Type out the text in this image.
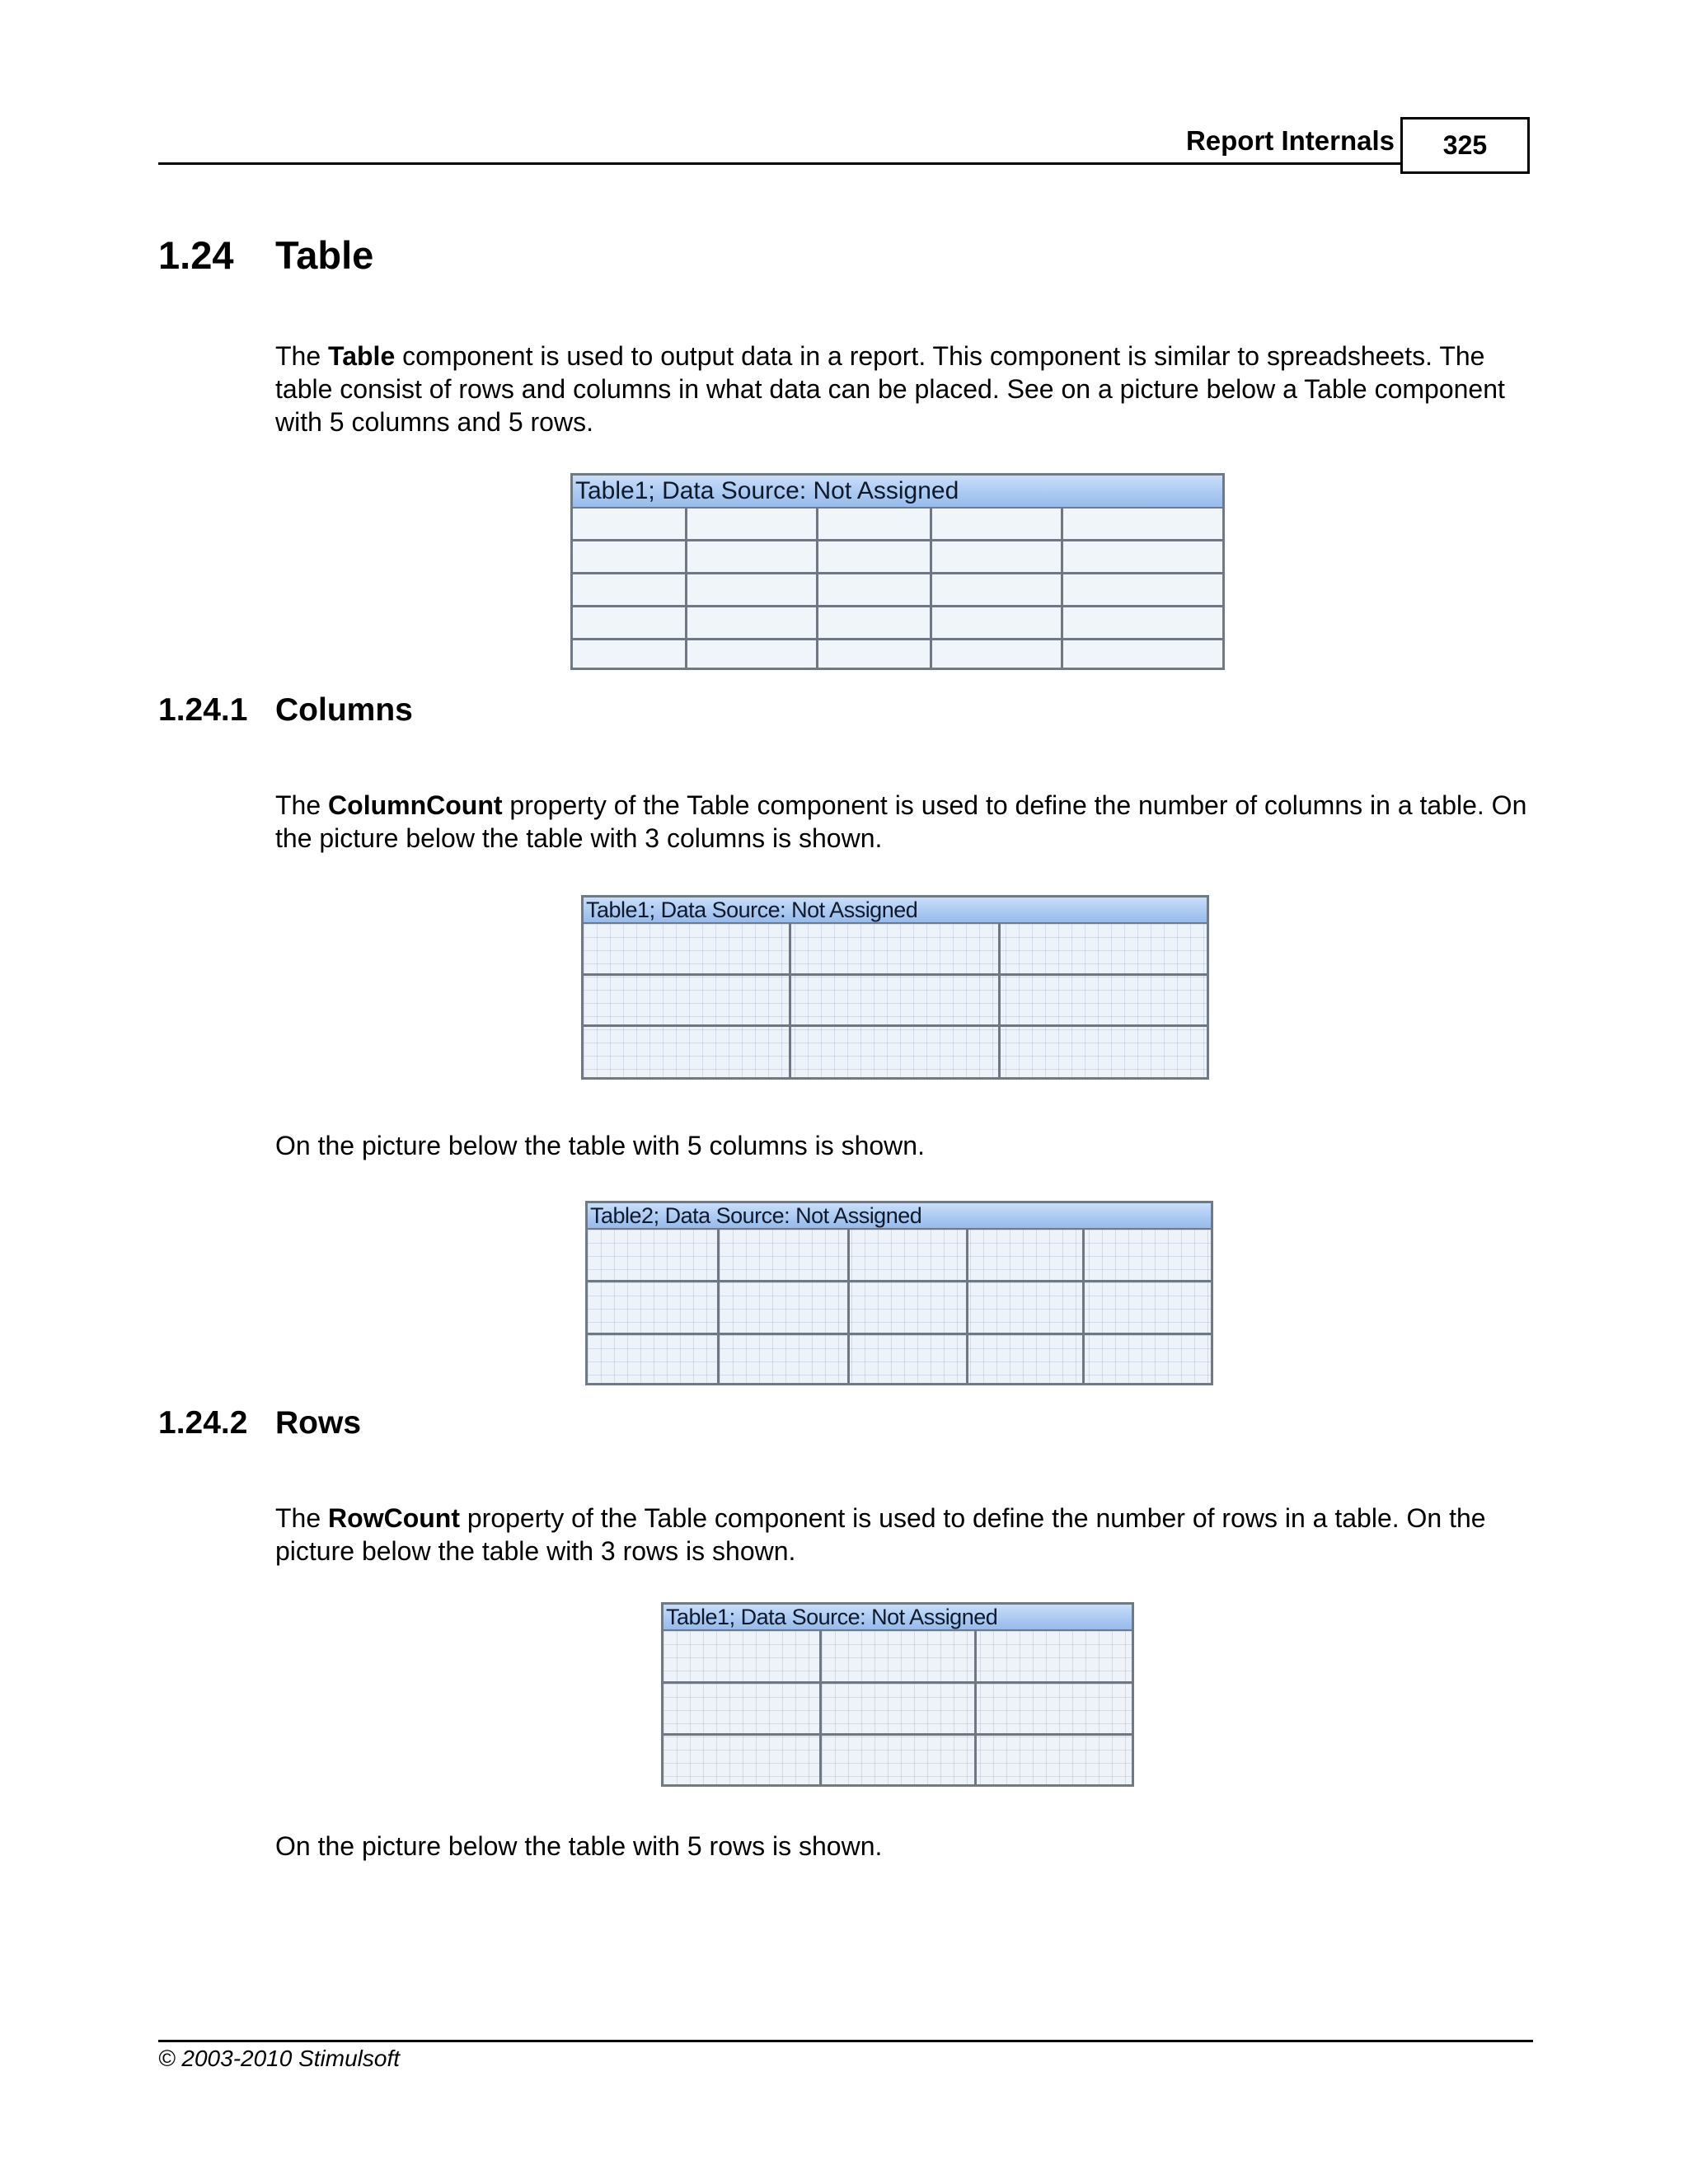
Report Internals	325
1.24 Table

The Table component is used to output data in a report. This component is similar to spreadsheets. The table consist of rows and columns in what data can be placed. See on a picture below a Table component with 5 columns and 5 rows.

Table1; Data Source: Not Assigned
1.24.1 Columns

The ColumnCount property of the Table component is used to define the number of columns in a table. On the picture below the table with 3 columns is shown.

Table1; Data Source: Not Assigned

On the picture below the table with 5 columns is shown.

Table2; Data Source: Not Assigned
1.24.2 Rows

The RowCount property of the Table component is used to define the number of rows in a table. On the picture below the table with 3 rows is shown.

Table1; Data Source: Not Assigned

On the picture below the table with 5 rows is shown.

© 2003-2010 Stimulsoft
